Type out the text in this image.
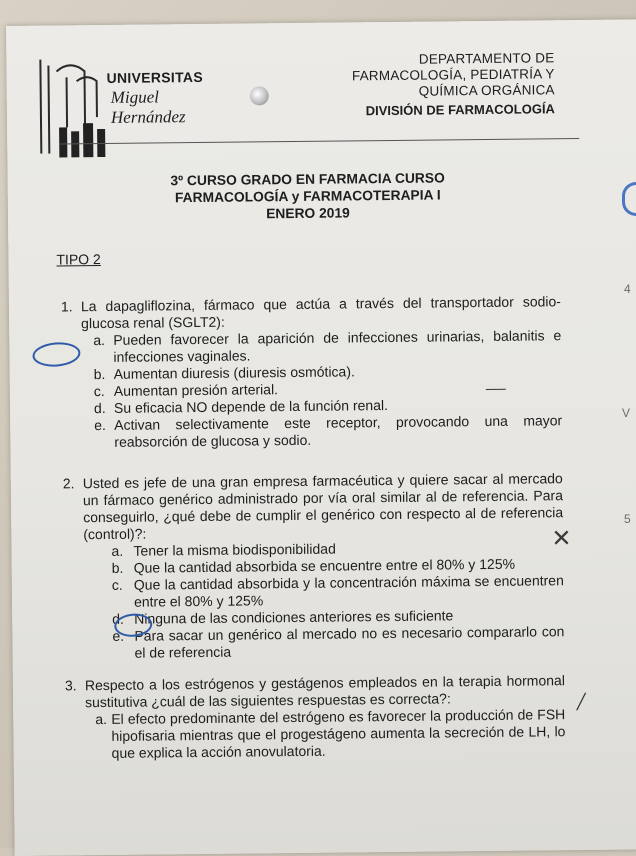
UNIVERSITAS
Miguel
Hernández
DEPARTAMENTO DE
FARMACOLOGÍA, PEDIATRÍA Y
QUÍMICA ORGÁNICA
DIVISIÓN DE FARMACOLOGÍA
3º CURSO GRADO EN FARMACIA CURSO
FARMACOLOGÍA y FARMACOTERAPIA I
ENERO 2019
TIPO 2
1. La dapagliflozina, fármaco que actúa a través del transportador sodio-glucosa renal (SGLT2):
a. Pueden favorecer la aparición de infecciones urinarias, balanitis e infecciones vaginales.
b. Aumentan diuresis (diuresis osmótica).
c. Aumentan presión arterial.
d. Su eficacia NO depende de la función renal.
e. Activan selectivamente este receptor, provocando una mayor reabsorción de glucosa y sodio.
2. Usted es jefe de una gran empresa farmacéutica y quiere sacar al mercado un fármaco genérico administrado por vía oral similar al de referencia. Para conseguirlo, ¿qué debe de cumplir el genérico con respecto al de referencia (control)?:
a. Tener la misma biodisponibilidad
b. Que la cantidad absorbida se encuentre entre el 80% y 125%
c. Que la cantidad absorbida y la concentración máxima se encuentren entre el 80% y 125%
d. Ninguna de las condiciones anteriores es suficiente
e. Para sacar un genérico al mercado no es necesario compararlo con el de referencia
3. Respecto a los estrógenos y gestágenos empleados en la terapia hormonal sustitutiva ¿cuál de las siguientes respuestas es correcta?:
a. El efecto predominante del estrógeno es favorecer la producción de FSH hipofisaria mientras que el progestágeno aumenta la secreción de LH, lo que explica la acción anovulatoria.
✕
/
4
V
5
